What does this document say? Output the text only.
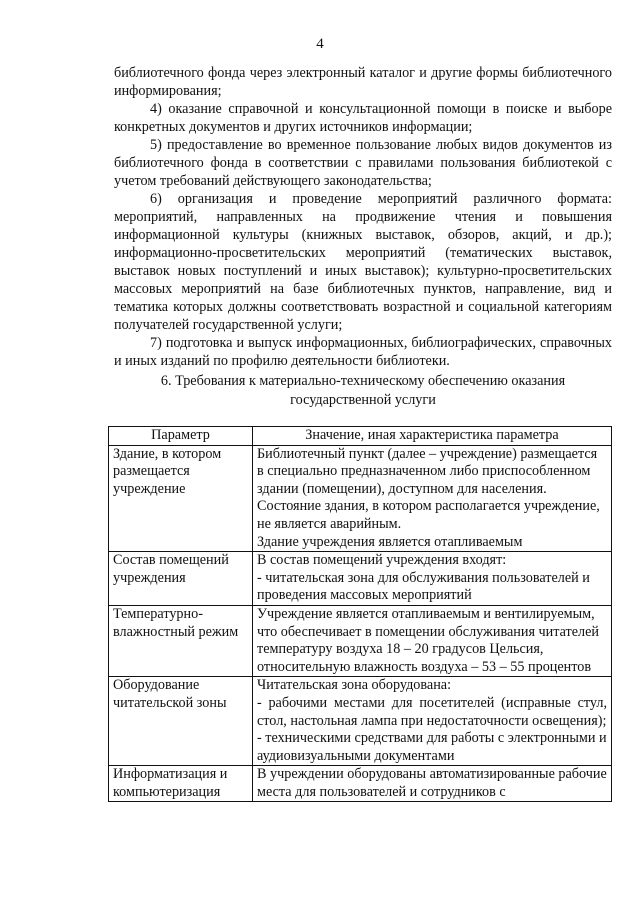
4

библиотечного фонда через электронный каталог и другие формы библиотечного информирования;

4) оказание справочной и консультационной помощи в поиске и выборе конкретных документов и других источников информации;

5) предоставление во временное пользование любых видов документов из библиотечного фонда в соответствии с правилами пользования библиотекой с учетом требований действующего законодательства;

6) организация и проведение мероприятий различного формата: мероприятий, направленных на продвижение чтения и повышения информационной культуры (книжных выставок, обзоров, акций, и др.); информационно-просветительских мероприятий (тематических выставок, выставок новых поступлений и иных выставок); культурно-просветительских массовых мероприятий на базе библиотечных пунктов, направление, вид и тематика которых должны соответствовать возрастной и социальной категориям получателей государственной услуги;

7) подготовка и выпуск информационных, библиографических, справочных и иных изданий по профилю деятельности библиотеки.

6. Требования к материально-техническому обеспечению оказания
государственной услуги
Параметр	Значение, иная характеристика параметра
Здание, в котором размещается учреждение	Библиотечный пункт (далее – учреждение) размещается в специально предназначенном либо приспособленном здании (помещении), доступном для населения.
Состояние здания, в котором располагается учреждение, не является аварийным.
Здание учреждения является отапливаемым

Состав помещений учреждения	В состав помещений учреждения входят:
- читательская зона для обслуживания пользователей и проведения массовых мероприятий

Температурно-влажностный режим	Учреждение является отапливаемым и вентилируемым, что обеспечивает в помещении обслуживания читателей температуру воздуха 18 – 20 градусов Цельсия, относительную влажность воздуха – 53 – 55 процентов

Оборудование читательской зоны	Читательская зона оборудована:
- рабочими местами для посетителей (исправные стул, стол, настольная лампа при недостаточности освещения);
- техническими средствами для работы с электронными и аудиовизуальными документами

Информатизация и компьютеризация	В учреждении оборудованы автоматизированные рабочие места для пользователей и сотрудников с
